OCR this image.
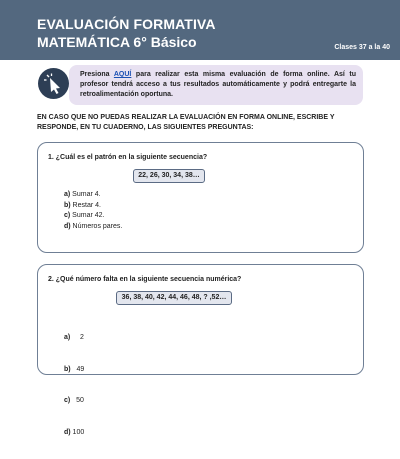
EVALUACIÓN FORMATIVA
MATEMÁTICA 6° Básico	Clases 37 a la 40
Presiona AQUÍ para realizar esta misma evaluación de forma online. Así tu profesor tendrá acceso a tus resultados automáticamente y podrá entregarte la retroalimentación oportuna.
EN CASO QUE NO PUEDAS REALIZAR LA EVALUACIÓN EN FORMA ONLINE, ESCRIBE Y RESPONDE, EN TU CUADERNO, LAS SIGUIENTES PREGUNTAS:
1. ¿Cuál es el patrón en la siguiente secuencia?
22, 26, 30, 34, 38…
a) Sumar 4.
b) Restar 4.
c) Sumar 42.
d) Números pares.
2. ¿Qué número falta en la siguiente secuencia numérica?
36, 38, 40, 42, 44, 46, 48, ? ,52…

a)     2

b)   49

c)   50

d) 100
